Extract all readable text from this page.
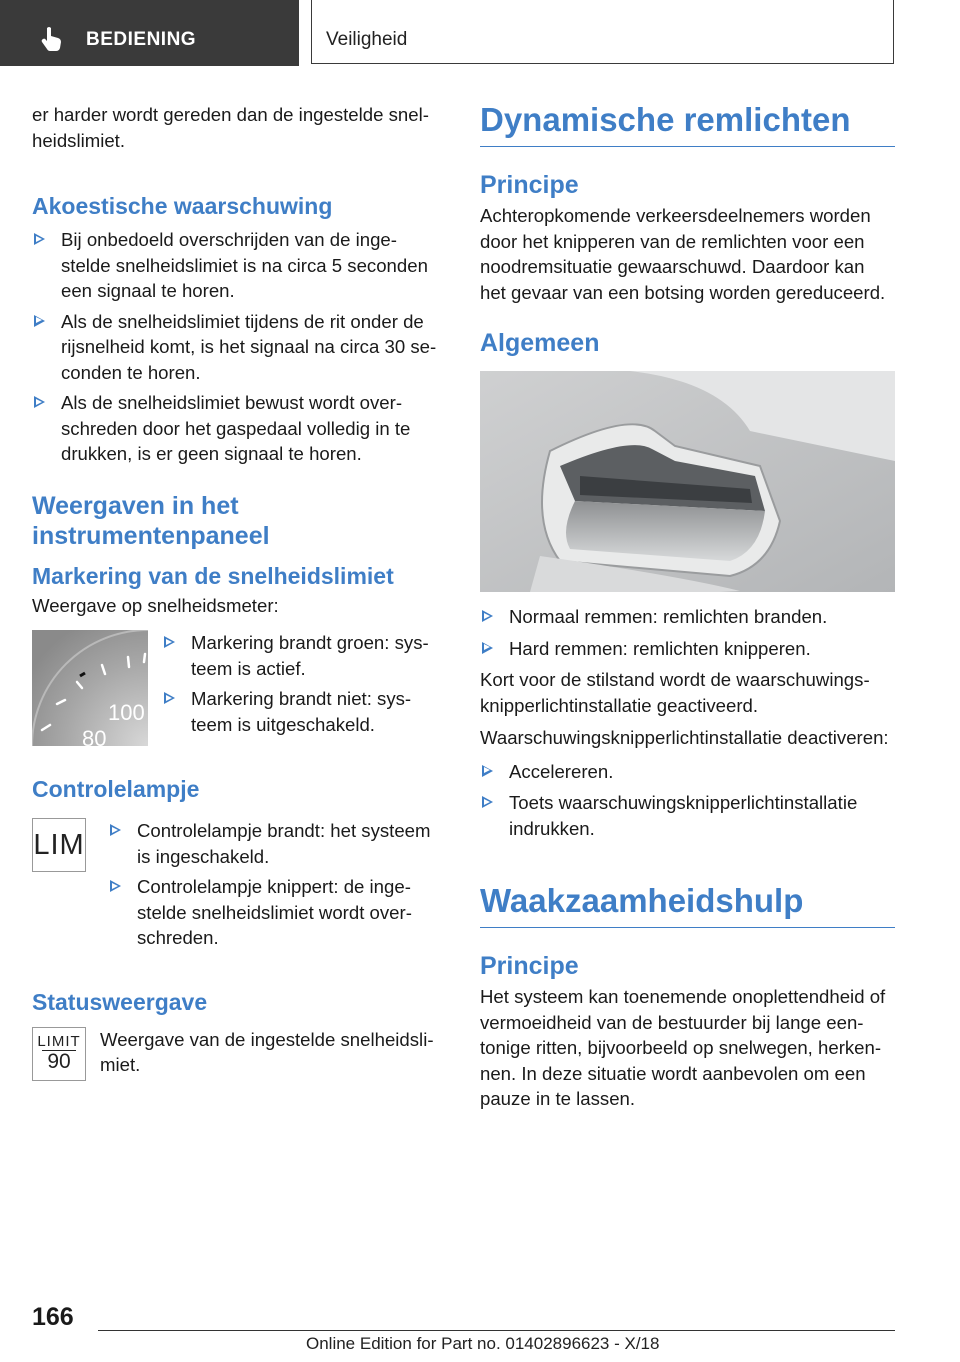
BEDIENING	Veiligheid

er harder wordt gereden dan de ingestelde snelheidslimiet.

Akoestische waarschuwing
Bij onbedoeld overschrijden van de ingestelde snelheidslimiet is na circa 5 seconden een signaal te horen.
Als de snelheidslimiet tijdens de rit onder de rijsnelheid komt, is het signaal na circa 30 seconden te horen.
Als de snelheidslimiet bewust wordt overschreden door het gaspedaal volledig in te drukken, is er geen signaal te horen.
Weergaven in het instrumentenpaneel
Markering van de snelheidslimiet

Weergave op snelheidsmeter:

100
80
Markering brandt groen: systeem is actief.
Markering brandt niet: systeem is uitgeschakeld.
Controlelampje
LIM	Controlelampje brandt: het systeem is ingeschakeld.
Controlelampje knippert: de ingestelde snelheidslimiet wordt overschreden.
Statusweergave
LIMIT
90

Weergave van de ingestelde snelheidslimiet.

Dynamische remlichten
Principe

Achteropkomende verkeersdeelnemers worden door het knipperen van de remlichten voor een noodremsituatie gewaarschuwd. Daardoor kan het gevaar van een botsing worden gereduceerd.

Algemeen
Normaal remmen: remlichten branden.
Hard remmen: remlichten knipperen.

Kort voor de stilstand wordt de waarschuwingsknipperlichtinstallatie geactiveerd.

Waarschuwingsknipperlichtinstallatie deactiveren:

Accelereren.
Toets waarschuwingsknipperlichtinstallatie indrukken.
Waakzaamheidshulp
Principe

Het systeem kan toenemende onoplettendheid of vermoeidheid van de bestuurder bij lange eentonige ritten, bijvoorbeeld op snelwegen, herkennen. In deze situatie wordt aanbevolen om een pauze in te lassen.

166
Online Edition for Part no. 01402896623 - X/18
